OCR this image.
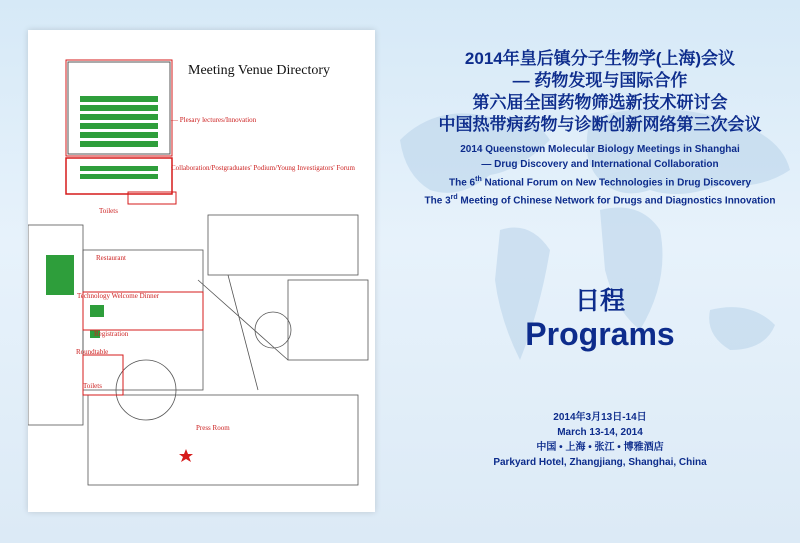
Meeting Venue Directory
— Plesary lectures/Innovation
Collaboration/Postgraduates' Podium/Young Investigators' Forum
Toilets
Restaurant
Technology Welcome Dinner
Registration
Roundtable
Toilets
Press Room

2014年皇后镇分子生物学(上海)会议

— 药物发现与国际合作

第六届全国药物筛选新技术研讨会

中国热带病药物与诊断创新网络第三次会议

2014 Queenstown Molecular Biology Meetings in Shanghai

— Drug Discovery and International Collaboration

The 6th National Forum on New Technologies in Drug Discovery

The 3rd Meeting of Chinese Network for Drugs and Diagnostics Innovation

日程
Programs
2014年3月13日-14日
March 13-14, 2014
中国 • 上海 • 张江 • 博雅酒店
Parkyard Hotel, Zhangjiang, Shanghai, China
